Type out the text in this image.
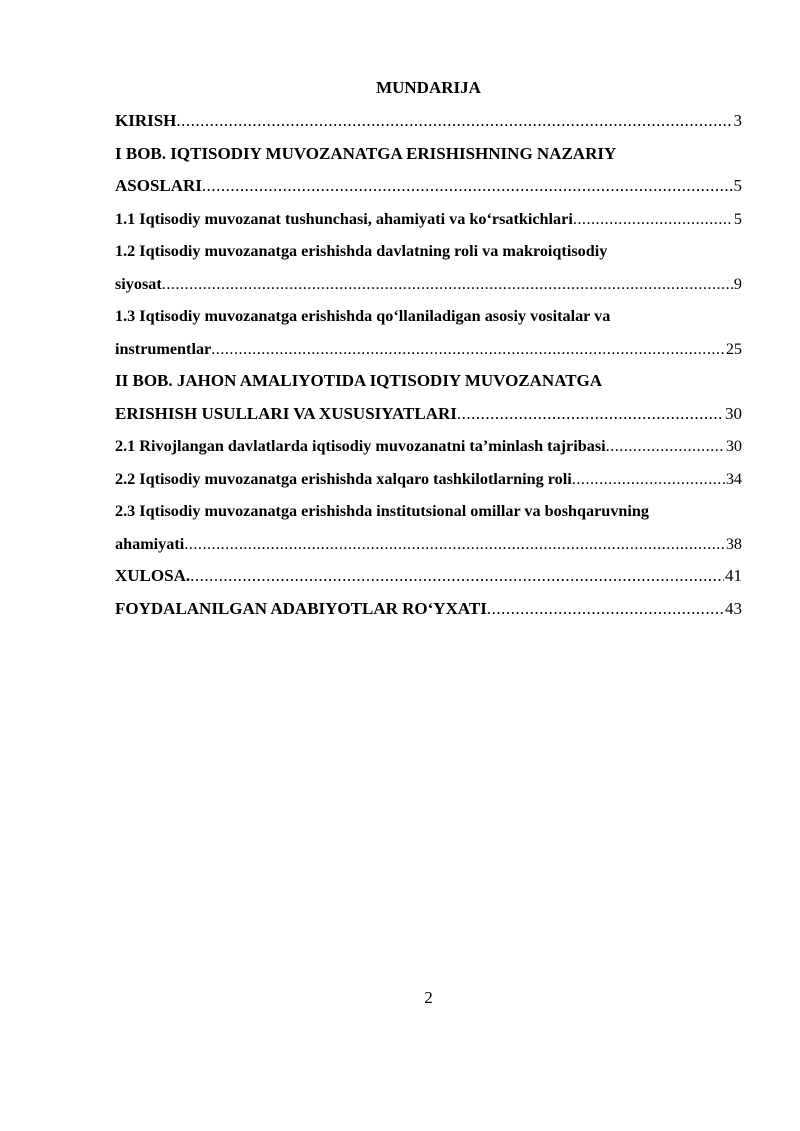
MUNDARIJA
KIRISH .....	3
I BOB. IQTISODIY MUVOZANATGA ERISHISHNING NAZARIY
ASOSLARI .....	5
1.1 Iqtisodiy muvozanat tushunchasi, ahamiyati va ko‘rsatkichlari .....	5
1.2 Iqtisodiy muvozanatga erishishda davlatning roli va makroiqtisodiy
siyosat .....	9
1.3 Iqtisodiy muvozanatga erishishda qo‘llaniladigan asosiy vositalar va
instrumentlar .....	25
II BOB. JAHON AMALIYOTIDA IQTISODIY MUVOZANATGA
ERISHISH USULLARI VA XUSUSIYATLARI .....	30
2.1 Rivojlangan davlatlarda iqtisodiy muvozanatni ta’minlash tajribasi .....	30
2.2 Iqtisodiy muvozanatga erishishda xalqaro tashkilotlarning roli .....	34
2.3 Iqtisodiy muvozanatga erishishda institutsional omillar va boshqaruvning
ahamiyati .....	38
XULOSA. .....	41
FOYDALANILGAN ADABIYOTLAR RO‘YXATI .....	43
2
